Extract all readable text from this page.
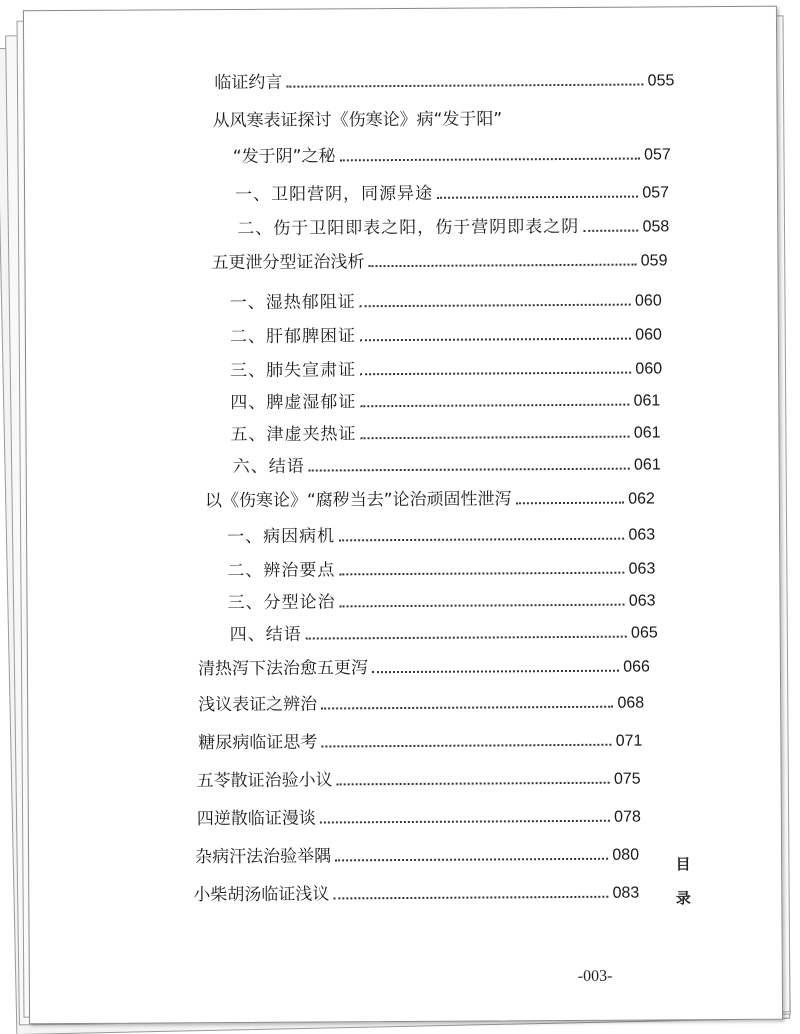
临证约言	055
从风寒表证探讨《伤寒论》病“发于阳”
“发于阴”之秘	057
一、卫阳营阴，同源异途	057
二、伤于卫阳即表之阳，伤于营阴即表之阴	058
五更泄分型证治浅析	059
一、湿热郁阻证	060
二、肝郁脾困证	060
三、肺失宣肃证	060
四、脾虚湿郁证	061
五、津虚夹热证	061
六、结语	061
以《伤寒论》“腐秽当去”论治顽固性泄泻	062
一、病因病机	063
二、辨治要点	063
三、分型论治	063
四、结语	065
清热泻下法治愈五更泻	066
浅议表证之辨治	068
糖尿病临证思考	071
五苓散证治验小议	075
四逆散临证漫谈	078
杂病汗法治验举隅	080
小柴胡汤临证浅议	083
目
录
-003-
